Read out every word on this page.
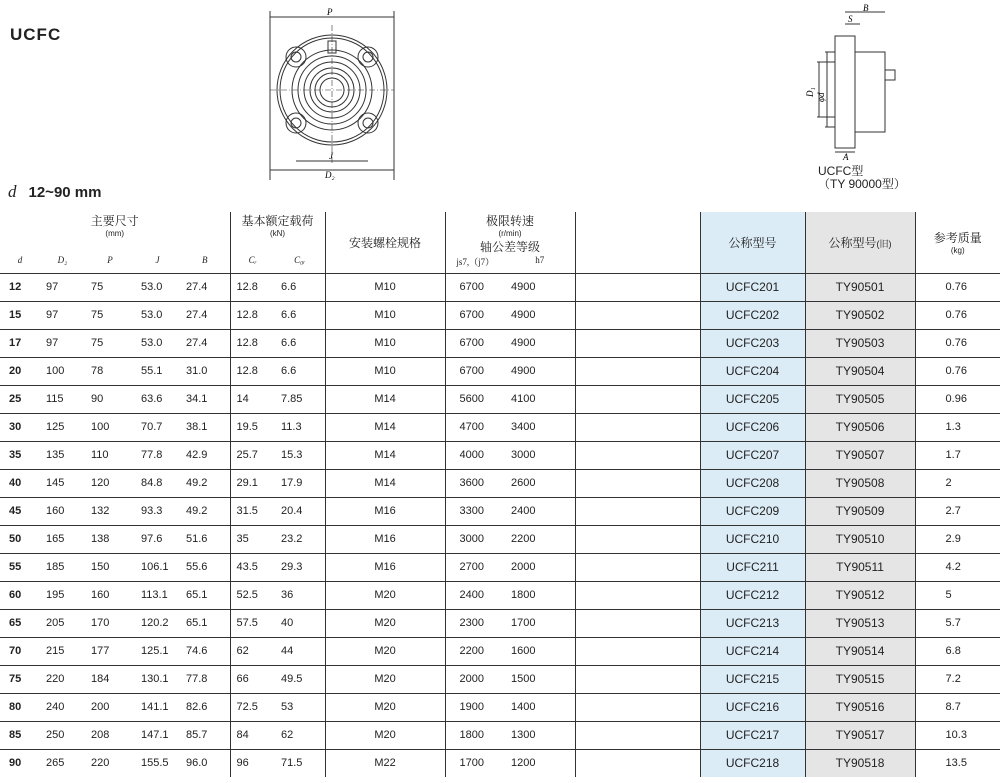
UCFC
P
J
D₂
B
S
D₁
φd
A
UCFC型
（TY 90000型）
d 12~90 mm
主要尺寸
(mm)					基本额定载荷
(kN)		安装螺栓规格	极限转速
(r/min)
轴公差等级			公称型号	公称型号(旧)	参考质量
(kg)

d	D₂	P	J	B	Cᵣ	C₀ᵣ		js7,（j7）	h7				
12	97	75	53.0	27.4	12.8	6.6	M10	6700	4900		UCFC201	TY90501	0.76
15	97	75	53.0	27.4	12.8	6.6	M10	6700	4900		UCFC202	TY90502	0.76
17	97	75	53.0	27.4	12.8	6.6	M10	6700	4900		UCFC203	TY90503	0.76
20	100	78	55.1	31.0	12.8	6.6	M10	6700	4900		UCFC204	TY90504	0.76
25	115	90	63.6	34.1	14	7.85	M14	5600	4100		UCFC205	TY90505	0.96
30	125	100	70.7	38.1	19.5	11.3	M14	4700	3400		UCFC206	TY90506	1.3
35	135	110	77.8	42.9	25.7	15.3	M14	4000	3000		UCFC207	TY90507	1.7
40	145	120	84.8	49.2	29.1	17.9	M14	3600	2600		UCFC208	TY90508	2
45	160	132	93.3	49.2	31.5	20.4	M16	3300	2400		UCFC209	TY90509	2.7
50	165	138	97.6	51.6	35	23.2	M16	3000	2200		UCFC210	TY90510	2.9
55	185	150	106.1	55.6	43.5	29.3	M16	2700	2000		UCFC211	TY90511	4.2
60	195	160	113.1	65.1	52.5	36	M20	2400	1800		UCFC212	TY90512	5
65	205	170	120.2	65.1	57.5	40	M20	2300	1700		UCFC213	TY90513	5.7
70	215	177	125.1	74.6	62	44	M20	2200	1600		UCFC214	TY90514	6.8
75	220	184	130.1	77.8	66	49.5	M20	2000	1500		UCFC215	TY90515	7.2
80	240	200	141.1	82.6	72.5	53	M20	1900	1400		UCFC216	TY90516	8.7
85	250	208	147.1	85.7	84	62	M20	1800	1300		UCFC217	TY90517	10.3
90	265	220	155.5	96.0	96	71.5	M22	1700	1200		UCFC218	TY90518	13.5
